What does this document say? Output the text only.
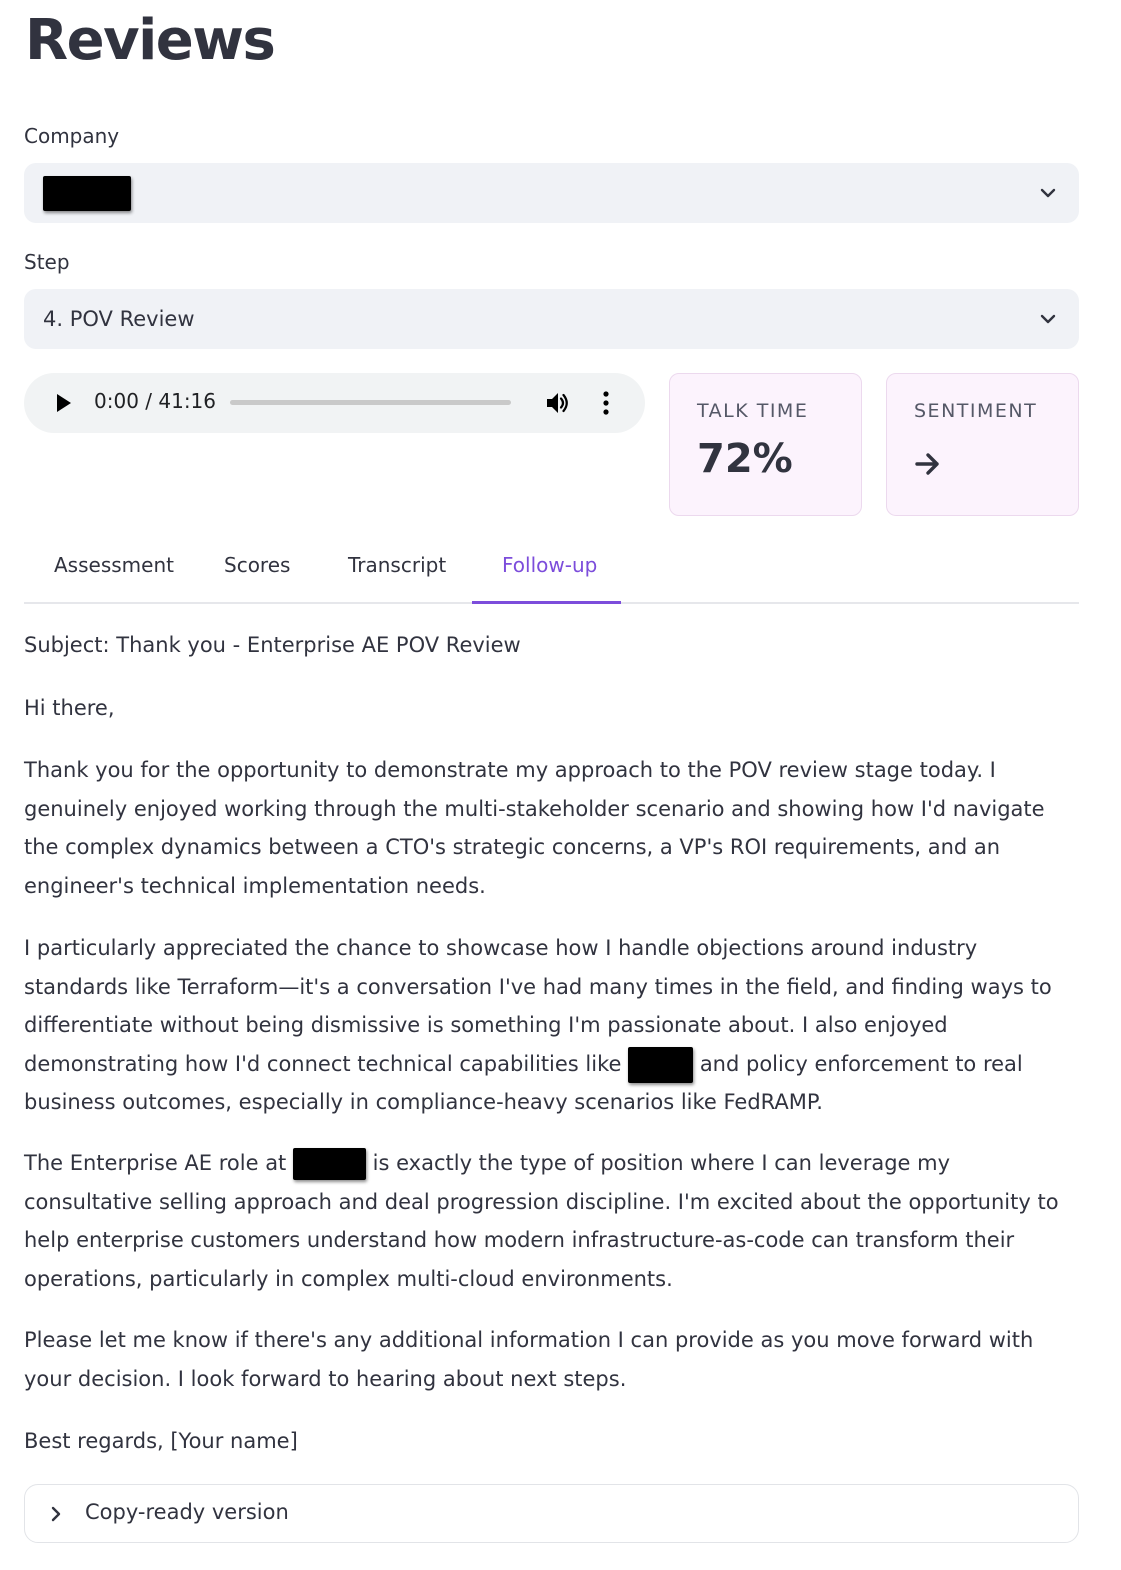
Reviews
Company
Step
4. POV Review
0:00 / 41:16	TALK TIME
72%
SENTIMENT
Assessment	Scores	Transcript	Follow-up

Subject: Thank you - Enterprise AE POV Review

Hi there,

Thank you for the opportunity to demonstrate my approach to the POV review stage today. I genuinely enjoyed working through the multi-stakeholder scenario and showing how I'd navigate the complex dynamics between a CTO's strategic concerns, a VP's ROI requirements, and an engineer's technical implementation needs.

I particularly appreciated the chance to showcase how I handle objections around industry standards like Terraform—it's a conversation I've had many times in the field, and finding ways to differentiate without being dismissive is something I'm passionate about. I also enjoyed demonstrating how I'd connect technical capabilities like	and policy enforcement to real business outcomes, especially in compliance-heavy scenarios like FedRAMP.

The Enterprise AE role at	is exactly the type of position where I can leverage my consultative selling approach and deal progression discipline. I'm excited about the opportunity to help enterprise customers understand how modern infrastructure-as-code can transform their operations, particularly in complex multi-cloud environments.

Please let me know if there's any additional information I can provide as you move forward with your decision. I look forward to hearing about next steps.

Best regards, [Your name]

Copy-ready version
